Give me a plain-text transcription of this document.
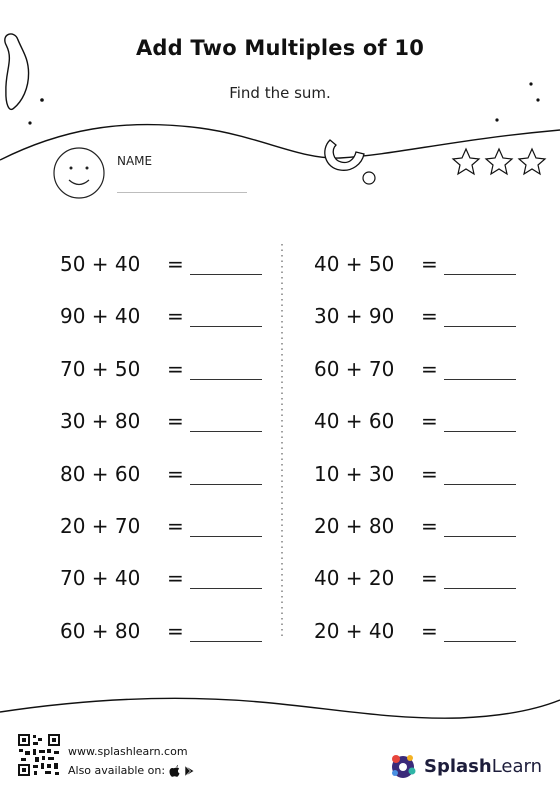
Add Two Multiples of 10
Find the sum.
NAME
50 + 40 =
90 + 40 =
70 + 50 =
30 + 80 =
80 + 60 =
20 + 70 =
70 + 40 =
60 + 80 =
40 + 50 =
30 + 90 =
60 + 70 =
40 + 60 =
10 + 30 =
20 + 80 =
40 + 20 =
20 + 40 =
www.splashlearn.com
Also available on:	SplashLearn
